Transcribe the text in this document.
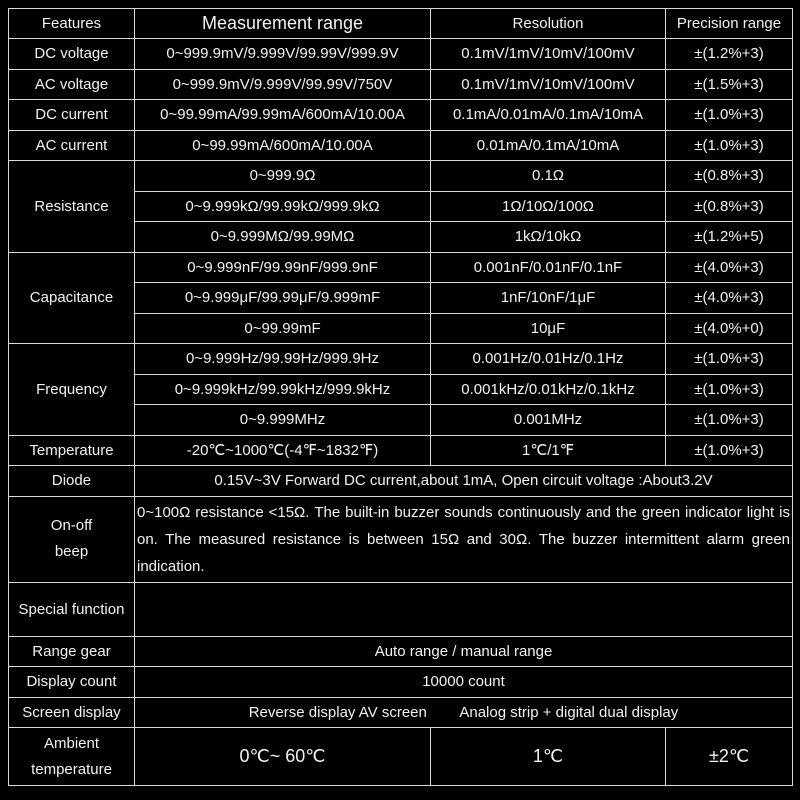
Features	Measurement range	Resolution	Precision range
DC voltage	0~999.9mV/9.999V/99.99V/999.9V	0.1mV/1mV/10mV/100mV	±(1.2%+3)
AC voltage	0~999.9mV/9.999V/99.99V/750V	0.1mV/1mV/10mV/100mV	±(1.5%+3)
DC current	0~99.99mA/99.99mA/600mA/10.00A	0.1mA/0.01mA/0.1mA/10mA	±(1.0%+3)
AC current	0~99.99mA/600mA/10.00A	0.01mA/0.1mA/10mA	±(1.0%+3)
Resistance	0~999.9Ω	0.1Ω	±(0.8%+3)
	0~9.999kΩ/99.99kΩ/999.9kΩ	1Ω/10Ω/100Ω	±(0.8%+3)
	0~9.999MΩ/99.99MΩ	1kΩ/10kΩ	±(1.2%+5)
Capacitance	0~9.999nF/99.99nF/999.9nF	0.001nF/0.01nF/0.1nF	±(4.0%+3)
	0~9.999μF/99.99μF/9.999mF	1nF/10nF/1μF	±(4.0%+3)
	0~99.99mF	10μF	±(4.0%+0)
Frequency	0~9.999Hz/99.99Hz/999.9Hz	0.001Hz/0.01Hz/0.1Hz	±(1.0%+3)
	0~9.999kHz/99.99kHz/999.9kHz	0.001kHz/0.01kHz/0.1kHz	±(1.0%+3)
	0~9.999MHz	0.001MHz	±(1.0%+3)
Temperature	-20℃~1000℃(-4℉~1832℉)	1℃/1℉	±(1.0%+3)
Diode	0.15V~3V Forward DC current,about 1mA, Open circuit voltage :About3.2V		

On-off
beep	0~100Ω resistance <15Ω. The built-in buzzer sounds continuously and the green indicator light is on. The measured resistance is between 15Ω and 30Ω. The buzzer intermittent alarm green indication.		
Special function			
Range gear	Auto range / manual range		
Display count	10000 count		
Screen display	Reverse display AV screen        Analog strip + digital dual display		

Ambient
temperature	0℃~ 60℃	1℃	±2℃
